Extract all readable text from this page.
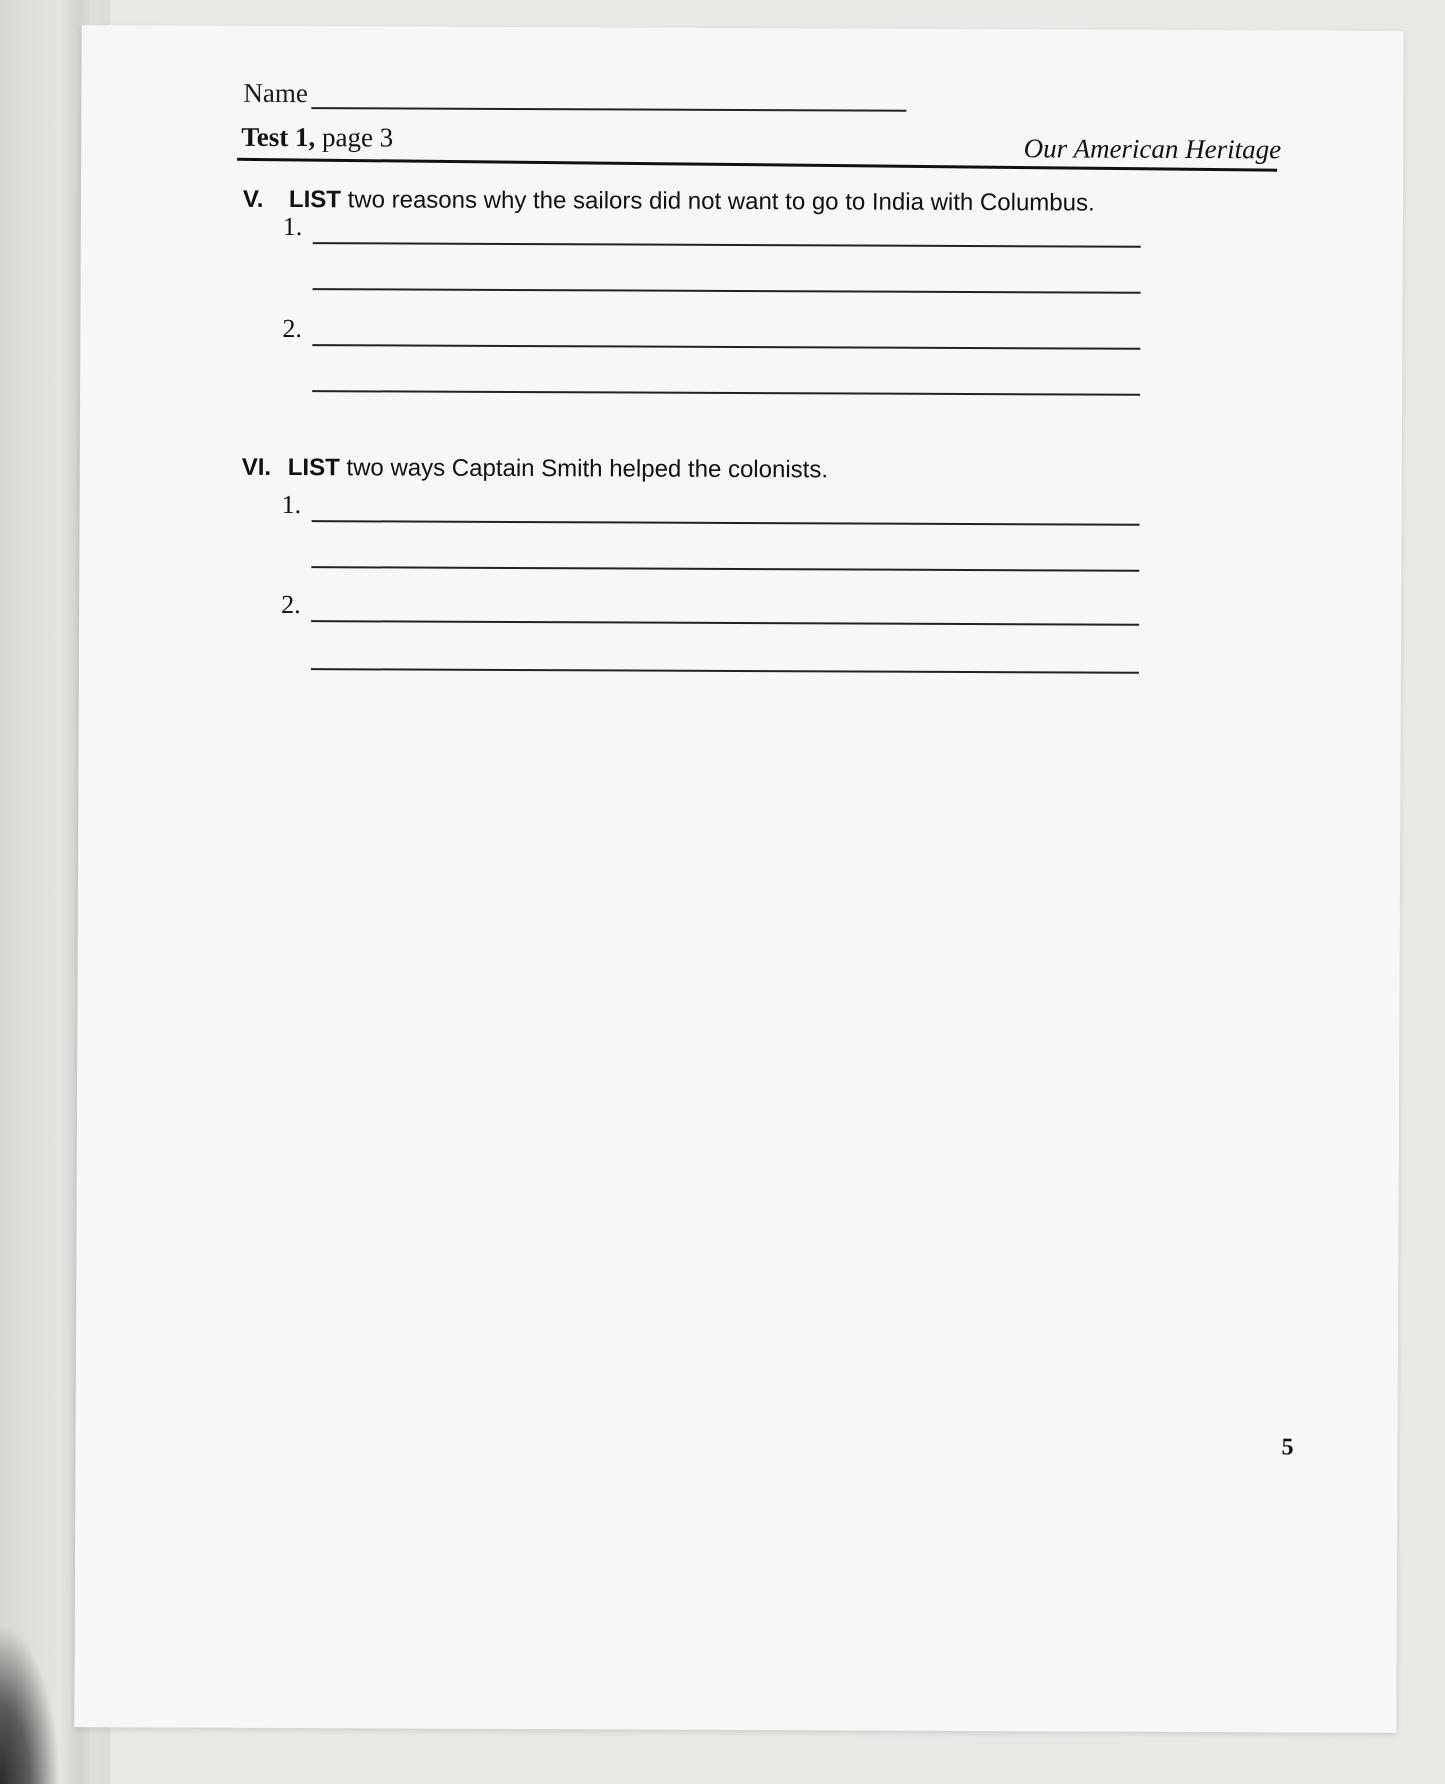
Name
Test 1, page 3	Our American Heritage
V. LIST two reasons why the sailors did not want to go to India with Columbus.
1.
2.
VI. LIST two ways Captain Smith helped the colonists.
1.
2.
5
